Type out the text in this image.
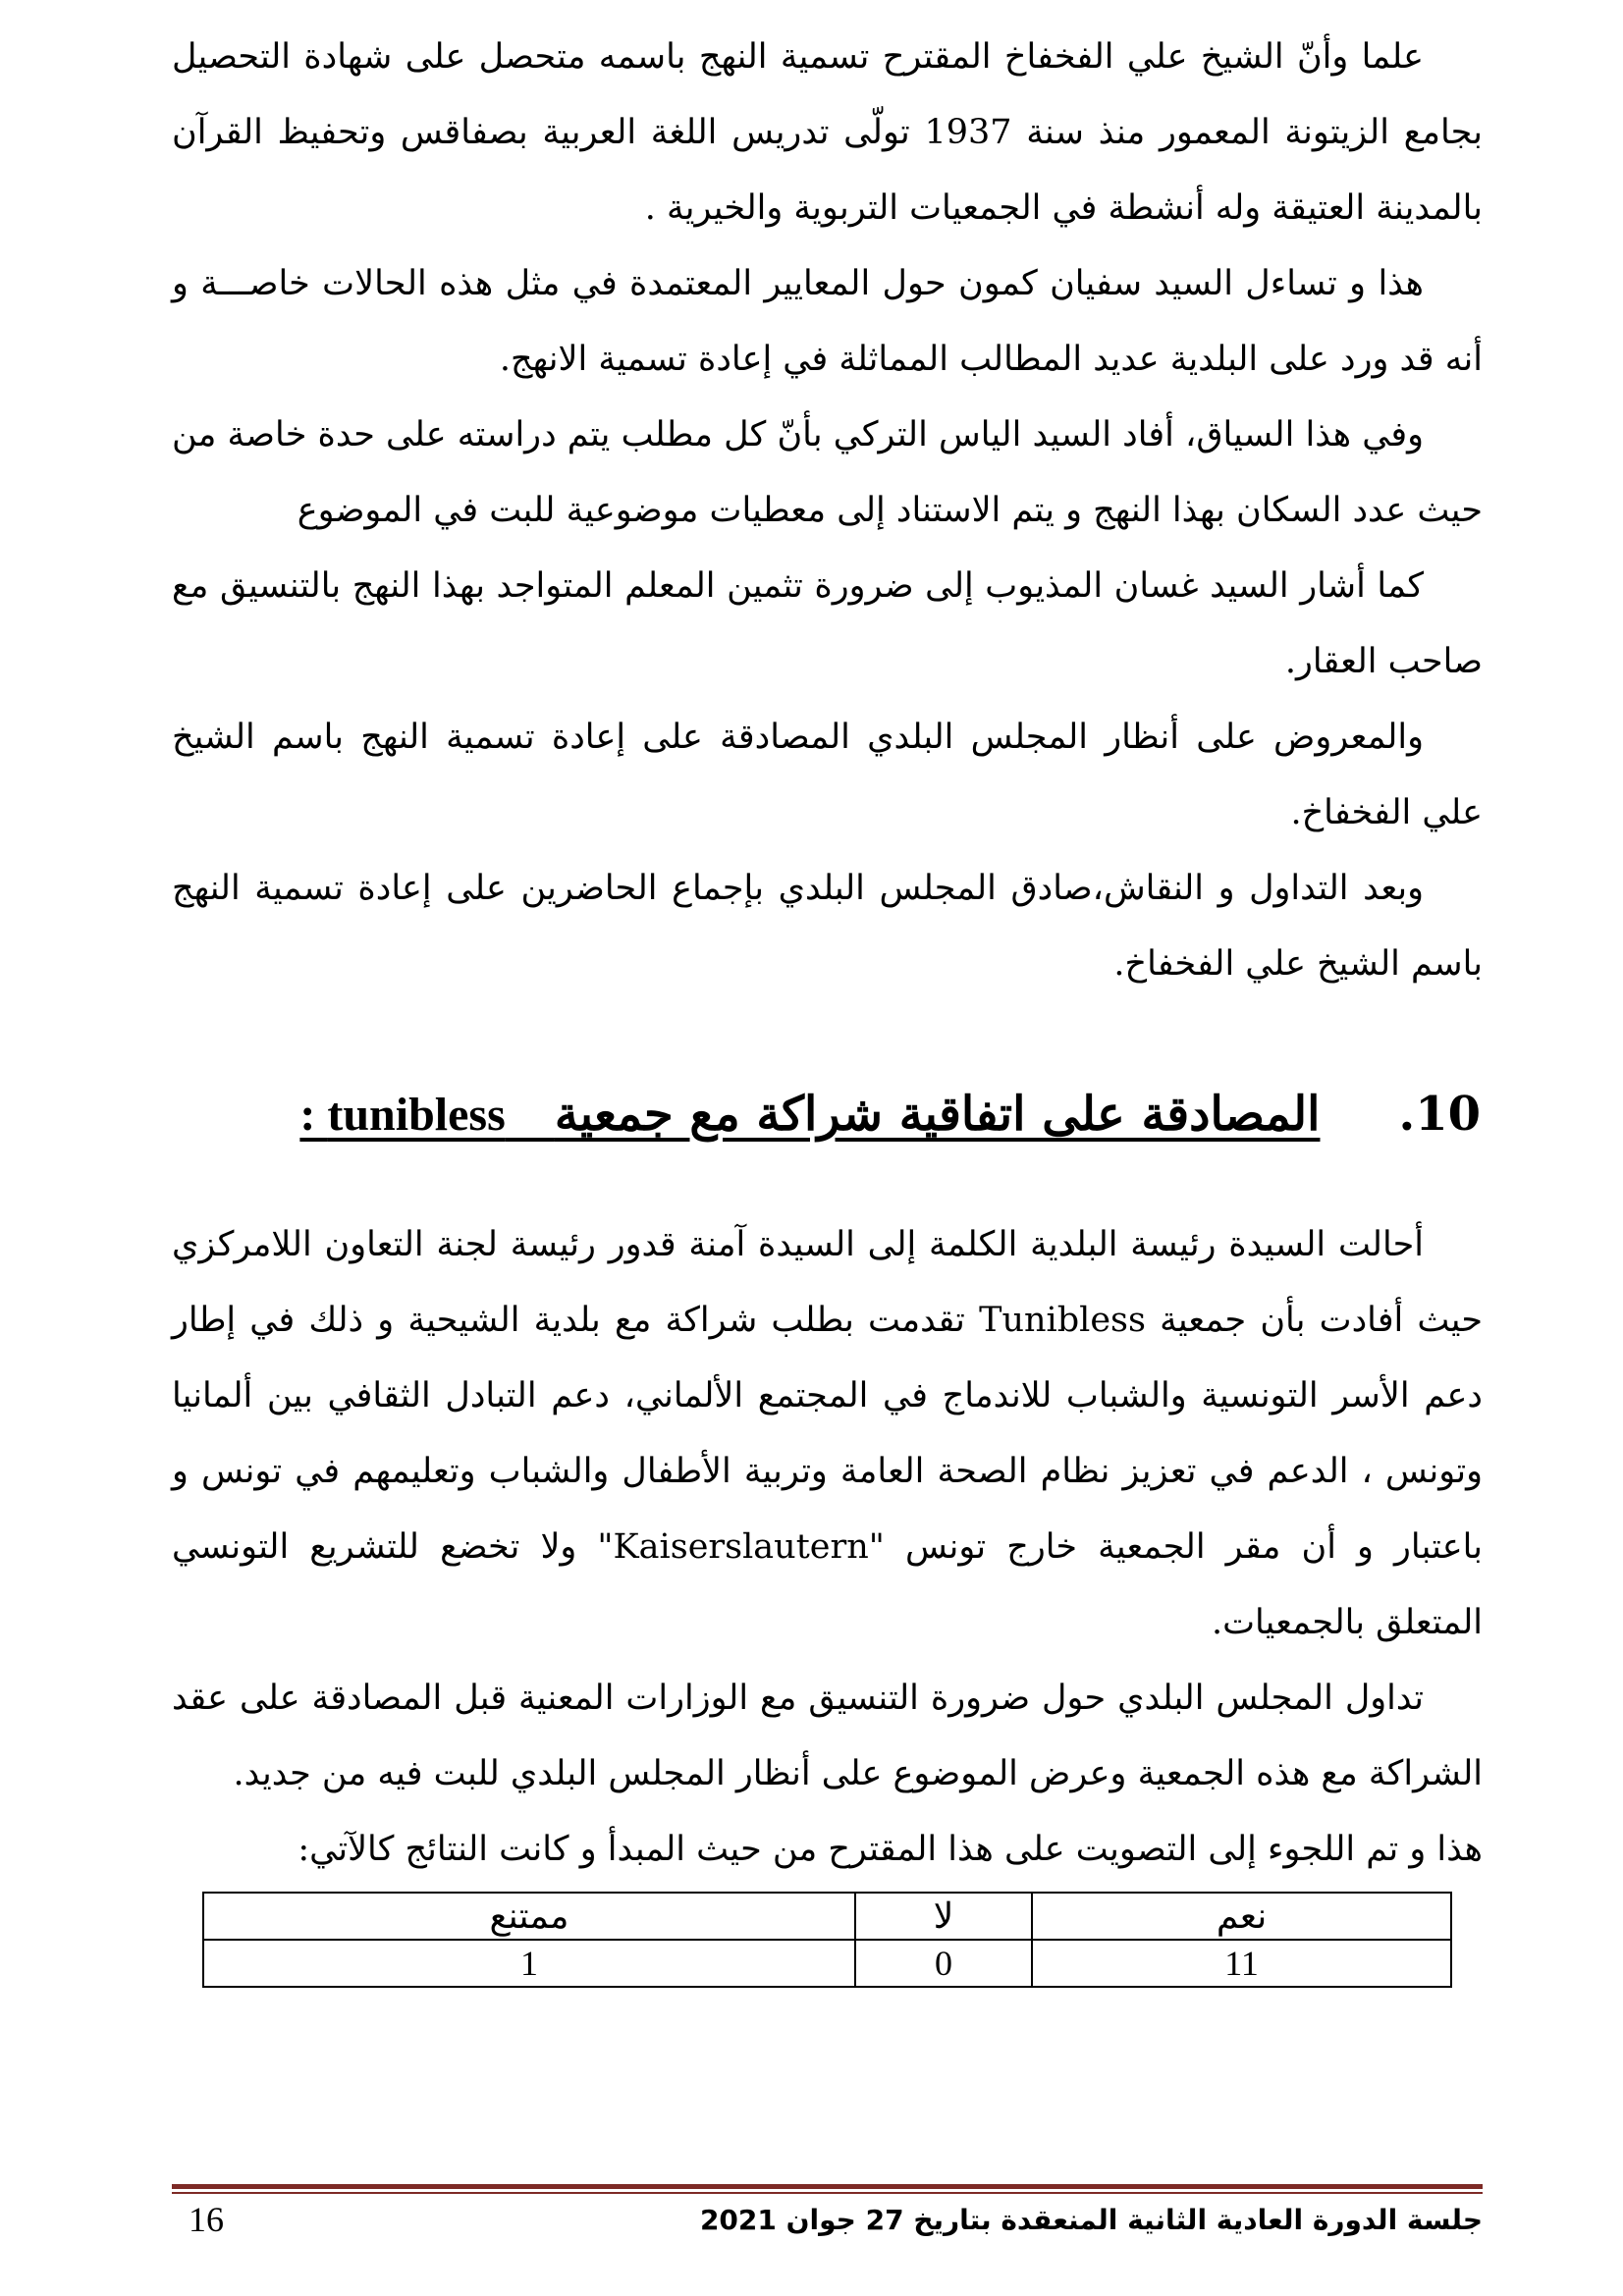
علما وأنّ الشيخ علي الفخفاخ المقترح تسمية النهج باسمه متحصل على شهادة التحصيل بجامع الزيتونة المعمور منذ سنة 1937 تولّى تدريس اللغة العربية بصفاقس وتحفيظ القرآن بالمدينة العتيقة وله أنشطة في الجمعيات التربوية والخيرية .

هذا و تساءل السيد سفيان كمون حول المعايير المعتمدة في مثل هذه الحالات خاصـــة و أنه قد ورد على البلدية عديد المطالب المماثلة في إعادة تسمية الانهج.

وفي هذا السياق، أفاد السيد الياس التركي بأنّ كل مطلب يتم دراسته على حدة خاصة من حيث عدد السكان بهذا النهج و يتم الاستناد إلى معطيات موضوعية للبت في الموضوع

كما أشار السيد غسان المذيوب إلى ضرورة تثمين المعلم المتواجد بهذا النهج بالتنسيق مع صاحب العقار.

والمعروض على أنظار المجلس البلدي المصادقة على إعادة تسمية النهج باسم الشيخ علي الفخفاخ.

وبعد التداول و النقاش،صادق المجلس البلدي بإجماع الحاضرين على إعادة تسمية النهج باسم الشيخ علي الفخفاخ.

أحالت السيدة رئيسة البلدية الكلمة إلى السيدة آمنة قدور رئيسة لجنة التعاون اللامركزي حيث أفادت بأن جمعية Tunibless تقدمت بطلب شراكة مع بلدية الشيحية و ذلك في إطار دعم الأسر التونسية والشباب للاندماج في المجتمع الألماني، دعم التبادل الثقافي بين ألمانيا وتونس ، الدعم في تعزيز نظام الصحة العامة وتربية الأطفال والشباب وتعليمهم في تونس و باعتبار و أن مقر الجمعية خارج تونس "Kaiserslautern" ولا تخضع للتشريع التونسي المتعلق بالجمعيات.

تداول المجلس البلدي حول ضرورة التنسيق مع الوزارات المعنية قبل المصادقة على عقد الشراكة مع هذه الجمعية وعرض الموضوع على أنظار المجلس البلدي للبت فيه من جديد.

هذا و تم اللجوء إلى التصويت على هذا المقترح من حيث المبدأ و كانت النتائج كالآتي:

10.المصادقة على اتفاقية شراكة مع جمعية   tunibless :
نعم	لا	ممتنع
11	0	1
جلسة الدورة العادية الثانية المنعقدة بتاريخ 27 جوان 2021
16
